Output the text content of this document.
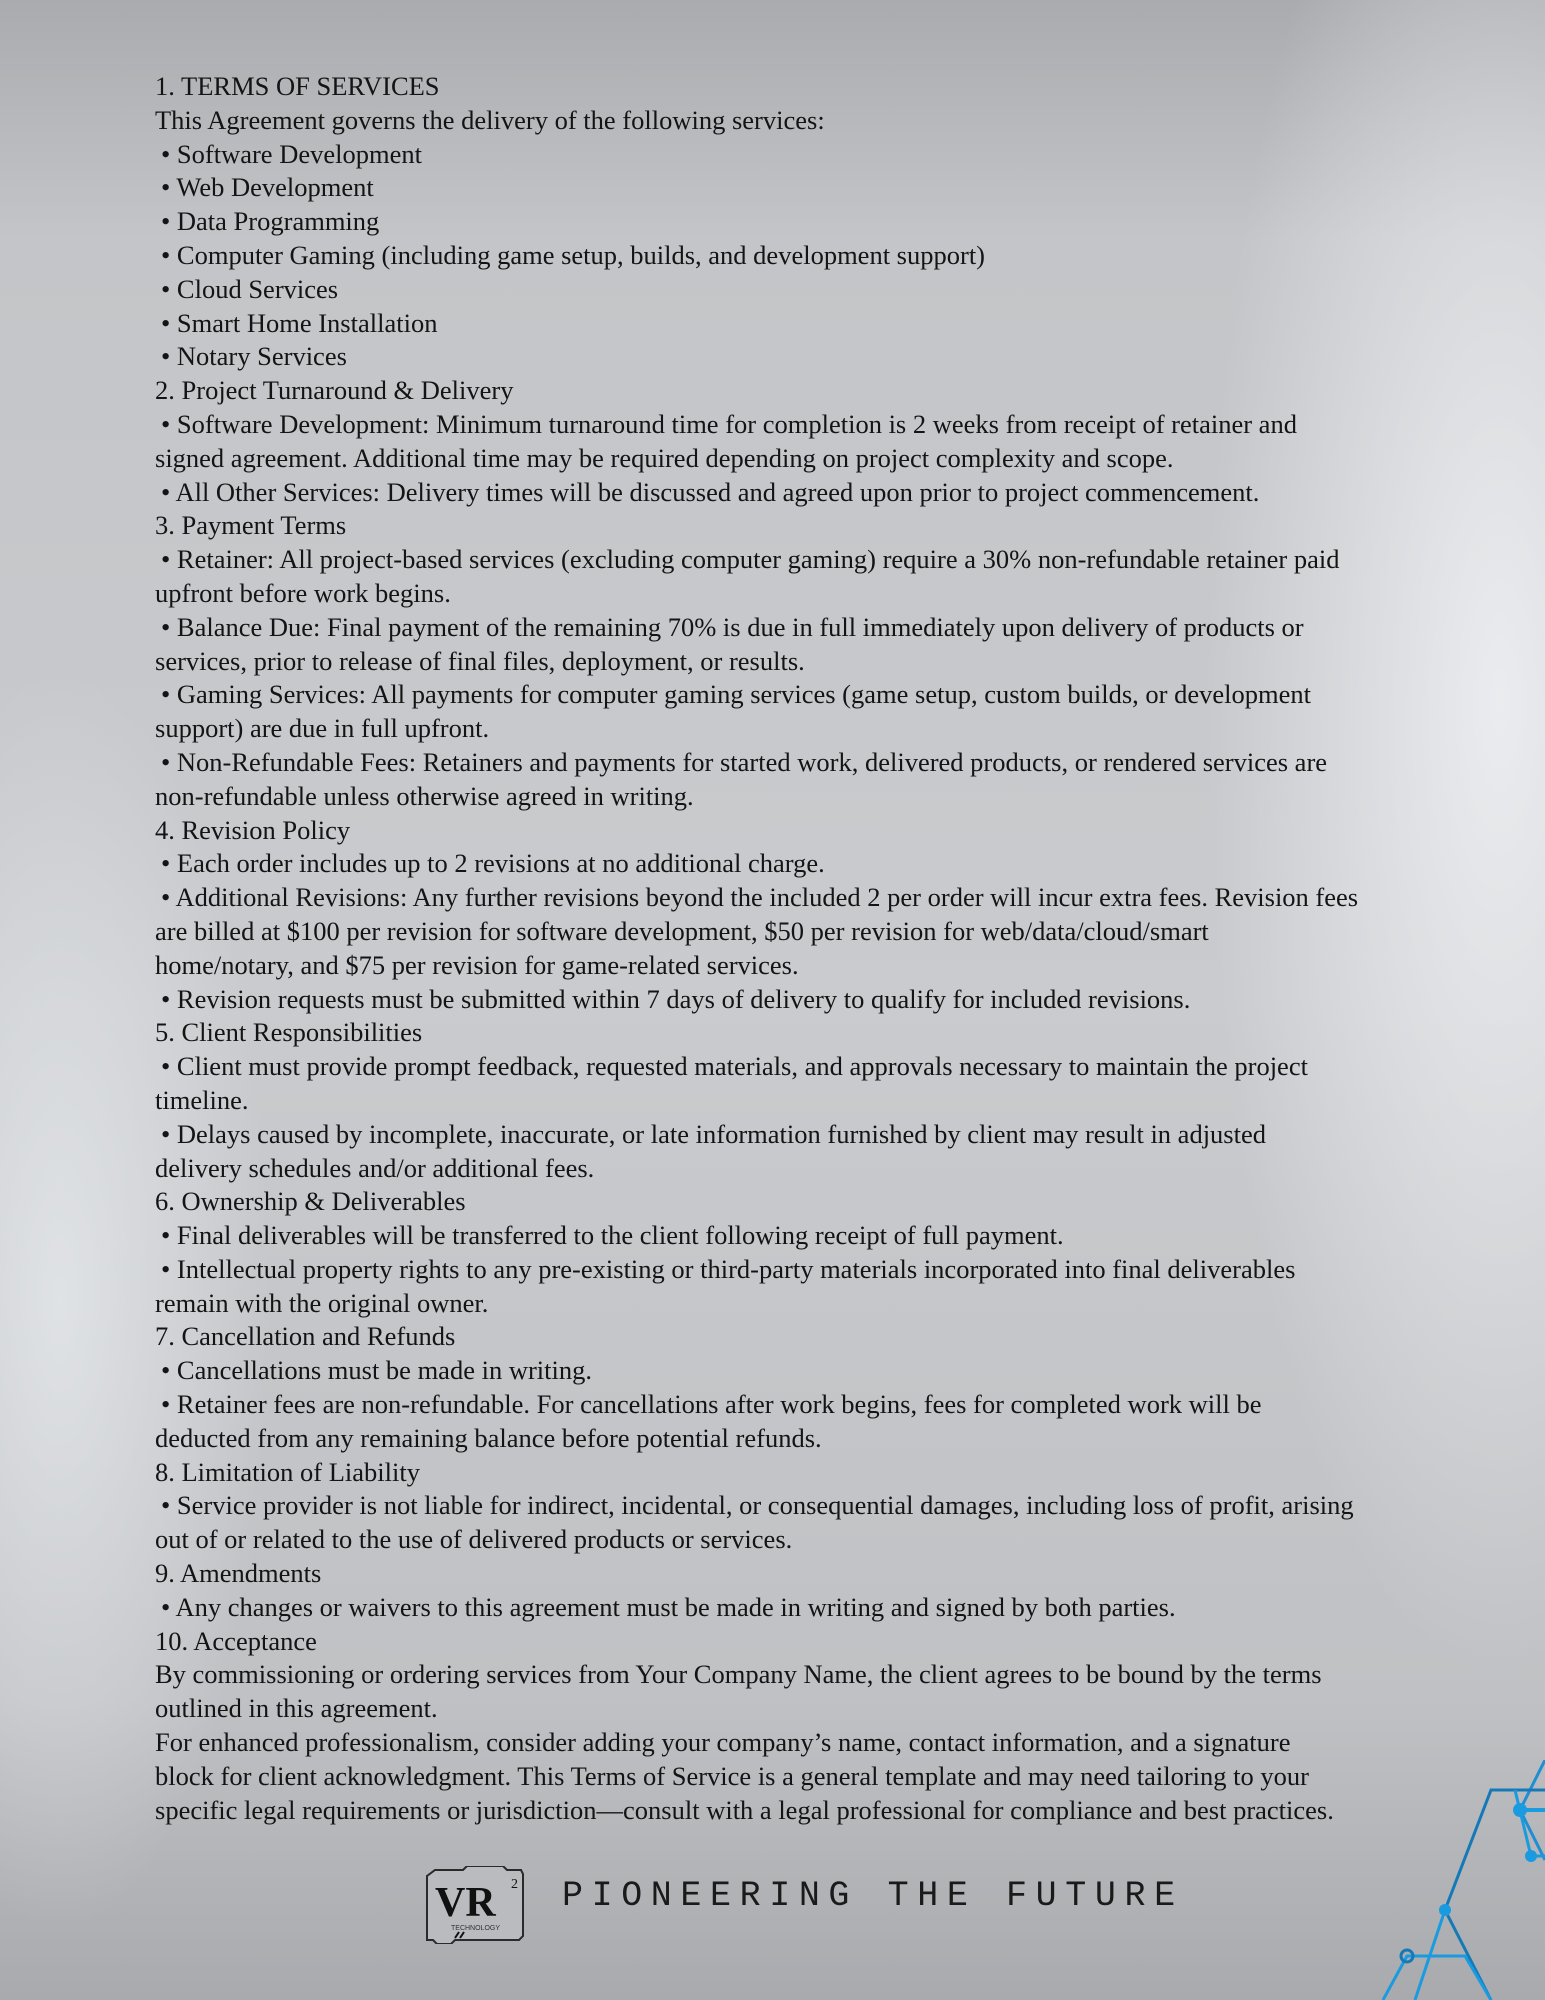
1. TERMS OF SERVICES
This Agreement governs the delivery of the following services:
• Software Development
• Web Development
• Data Programming
• Computer Gaming (including game setup, builds, and development support)
• Cloud Services
• Smart Home Installation
• Notary Services
2. Project Turnaround & Delivery
• Software Development: Minimum turnaround time for completion is 2 weeks from receipt of retainer and
signed agreement. Additional time may be required depending on project complexity and scope.
• All Other Services: Delivery times will be discussed and agreed upon prior to project commencement.
3. Payment Terms
• Retainer: All project-based services (excluding computer gaming) require a 30% non-refundable retainer paid
upfront before work begins.
• Balance Due: Final payment of the remaining 70% is due in full immediately upon delivery of products or
services, prior to release of final files, deployment, or results.
• Gaming Services: All payments for computer gaming services (game setup, custom builds, or development
support) are due in full upfront.
• Non-Refundable Fees: Retainers and payments for started work, delivered products, or rendered services are
non-refundable unless otherwise agreed in writing.
4. Revision Policy
• Each order includes up to 2 revisions at no additional charge.
• Additional Revisions: Any further revisions beyond the included 2 per order will incur extra fees. Revision fees
are billed at $100 per revision for software development, $50 per revision for web/data/cloud/smart
home/notary, and $75 per revision for game-related services.
• Revision requests must be submitted within 7 days of delivery to qualify for included revisions.
5. Client Responsibilities
• Client must provide prompt feedback, requested materials, and approvals necessary to maintain the project
timeline.
• Delays caused by incomplete, inaccurate, or late information furnished by client may result in adjusted
delivery schedules and/or additional fees.
6. Ownership & Deliverables
• Final deliverables will be transferred to the client following receipt of full payment.
• Intellectual property rights to any pre-existing or third-party materials incorporated into final deliverables
remain with the original owner.
7. Cancellation and Refunds
• Cancellations must be made in writing.
• Retainer fees are non-refundable. For cancellations after work begins, fees for completed work will be
deducted from any remaining balance before potential refunds.
8. Limitation of Liability
• Service provider is not liable for indirect, incidental, or consequential damages, including loss of profit, arising
out of or related to the use of delivered products or services.
9. Amendments
• Any changes or waivers to this agreement must be made in writing and signed by both parties.
10. Acceptance
By commissioning or ordering services from Your Company Name, the client agrees to be bound by the terms
outlined in this agreement.
For enhanced professionalism, consider adding your company’s name, contact information, and a signature
block for client acknowledgment. This Terms of Service is a general template and may need tailoring to your
specific legal requirements or jurisdiction—consult with a legal professional for compliance and best practices.
VR 2
TECHNOLOGY
PIONEERING THE FUTURE
